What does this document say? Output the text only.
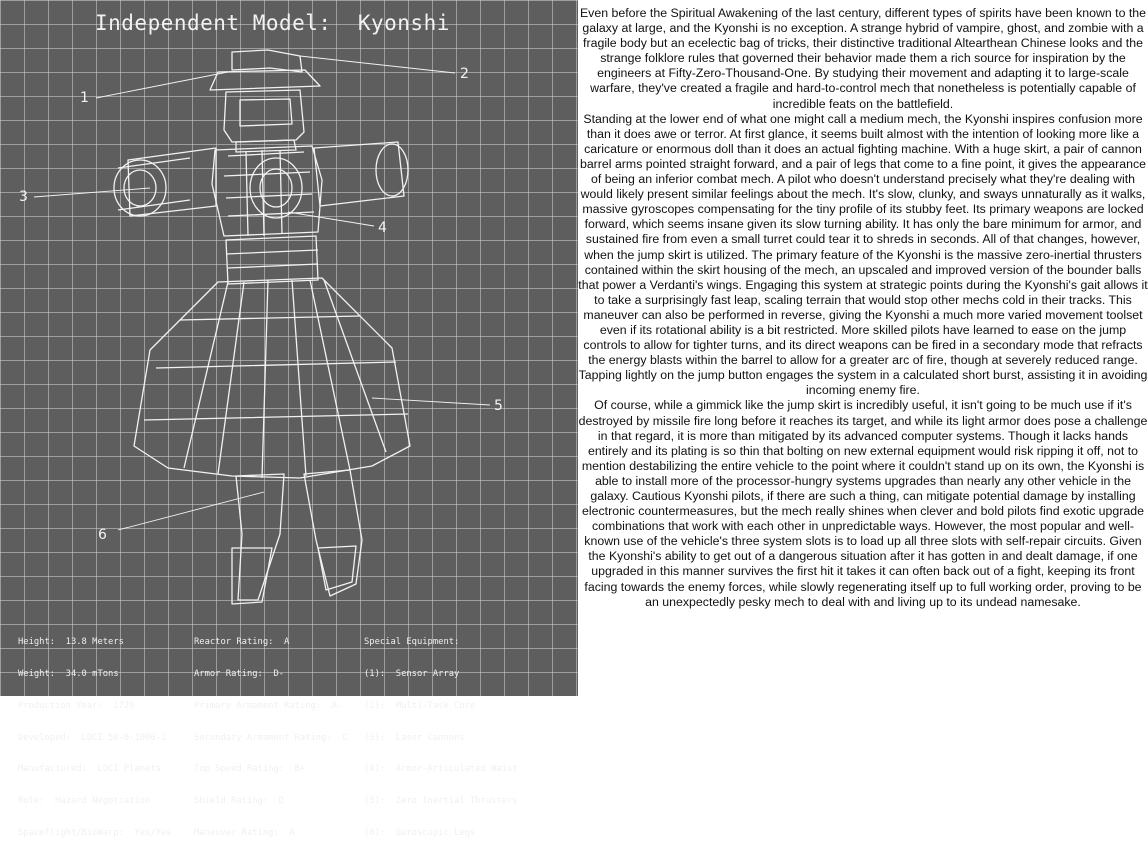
Independent Model:  Kyonshi
1
2
3
4
5
6

Height:  13.8 Meters

Weight:  34.0 mTons

Production Year:  1729

Developed:  LOCI 50-0-1000-1

Manufactured:  LOCI Planets

Role:  Hazard Negotiation

Spaceflight/BioWarp:  Yes/Yes

Reactor Rating:  A

Armor Rating:  D-

Primary Armament Rating:  A-

Secondary Armament Rating:  C

Top Speed Rating:  B+

Shield Rating:  D

Maneuver Rating:  A

Special Equipment:

(1):  Sensor Array

(2):  Multi-Task Core

(3):  Laser Cannons

(4):  Armor-Articulated Waist

(5):  Zero Inertial Thrusters

(6):  Guroscopic Legs

Even before the Spiritual Awakening of the last century, different types of spirits have been known to the galaxy at large, and the Kyonshi is no exception. A strange hybrid of vampire, ghost, and zombie with a fragile body but an ecelectic bag of tricks, their distinctive traditional Altearthean Chinese looks and the strange folklore rules that governed their behavior made them a rich source for inspiration by the engineers at Fifty-Zero-Thousand-One. By studying their movement and adapting it to large-scale warfare, they've created a fragile and hard-to-control mech that nonetheless is potentially capable of incredible feats on the battlefield.

Standing at the lower end of what one might call a medium mech, the Kyonshi inspires confusion more than it does awe or terror. At first glance, it seems built almost with the intention of looking more like a caricature or enormous doll than it does an actual fighting machine. With a huge skirt, a pair of cannon barrel arms pointed straight forward, and a pair of legs that come to a fine point, it gives the appearance of being an inferior combat mech. A pilot who doesn't understand precisely what they're dealing with would likely present similar feelings about the mech. It's slow, clunky, and sways unnaturally as it walks, massive gyroscopes compensating for the tiny profile of its stubby feet. Its primary weapons are locked forward, which seems insane given its slow turning ability. It has only the bare minimum for armor, and sustained fire from even a small turret could tear it to shreds in seconds. All of that changes, however, when the jump skirt is utilized. The primary feature of the Kyonshi is the massive zero-inertial thrusters contained within the skirt housing of the mech, an upscaled and improved version of the bounder balls that power a Verdanti's wings. Engaging this system at strategic points during the Kyonshi's gait allows it to take a surprisingly fast leap, scaling terrain that would stop other mechs cold in their tracks. This maneuver can also be performed in reverse, giving the Kyonshi a much more varied movement toolset even if its rotational ability is a bit restricted. More skilled pilots have learned to ease on the jump controls to allow for tighter turns, and its direct weapons can be fired in a secondary mode that refracts the energy blasts within the barrel to allow for a greater arc of fire, though at severely reduced range.

Tapping lightly on the jump button engages the system in a calculated short burst, assisting it in avoiding incoming enemy fire.

Of course, while a gimmick like the jump skirt is incredibly useful, it isn't going to be much use if it's destroyed by missile fire long before it reaches its target, and while its light armor does pose a challenge in that regard, it is more than mitigated by its advanced computer systems. Though it lacks hands entirely and its plating is so thin that bolting on new external equipment would risk ripping it off, not to mention destabilizing the entire vehicle to the point where it couldn't stand up on its own, the Kyonshi is able to install more of the processor-hungry systems upgrades than nearly any other vehicle in the galaxy. Cautious Kyonshi pilots, if there are such a thing, can mitigate potential damage by installing electronic countermeasures, but the mech really shines when clever and bold pilots find exotic upgrade combinations that work with each other in unpredictable ways. However, the most popular and well-known use of the vehicle's three system slots is to load up all three slots with self-repair circuits. Given the Kyonshi's ability to get out of a dangerous situation after it has gotten in and dealt damage, if one upgraded in this manner survives the first hit it takes it can often back out of a fight, keeping its front facing towards the enemy forces, while slowly regenerating itself up to full working order, proving to be an unexpectedly pesky mech to deal with and living up to its undead namesake.
